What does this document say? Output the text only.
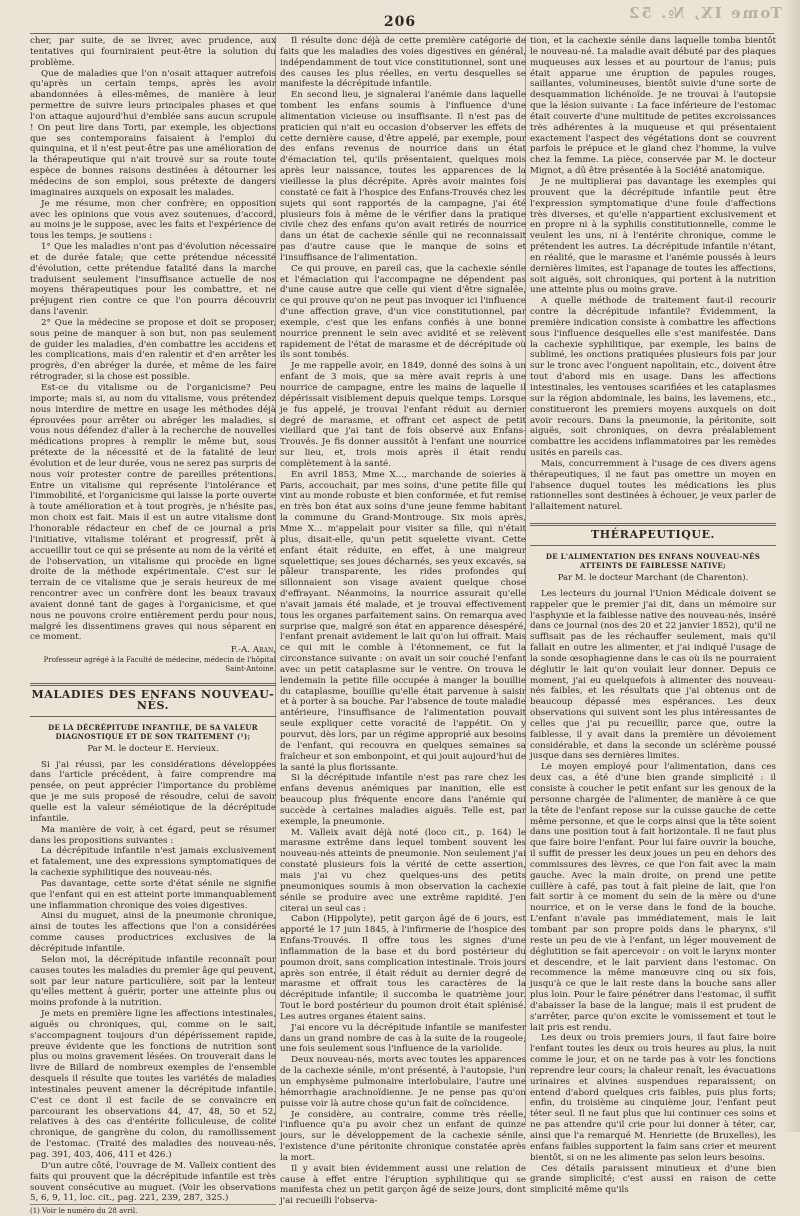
Tome IX, №. 52
206

cher, par suite, de se livrer, avec prudence, aux tentatives qui fourniraient peut-être la solution du problème.

Que de maladies que l'on n'osait attaquer autrefois qu'après un certain temps, après les avoir abandonnées à elles-mêmes, de manière à leur permettre de suivre leurs principales phases et que l'on attaque aujourd'hui d'emblée sans aucun scrupule ! On peut lire dans Torti, par exemple, les objections que ses contemporains faisaient à l'emploi du quinquina, et il n'est peut-être pas une amélioration de la thérapeutique qui n'ait trouvé sur sa route toute espèce de bonnes raisons destinées à détourner les médecins de son emploi, sous prétexte de dangers imaginaires auxquels on exposait les malades.

Je me résume, mon cher confrère; en opposition avec les opinions que vous avez soutenues, d'accord, au moins je le suppose, avec les faits et l'expérience de tous les temps, je soutiens :

1° Que les maladies n'ont pas d'évolution nécessaire et de durée fatale; que cette prétendue nécessité d'évolution, cette prétendue fatalité dans la marche traduisent seulement l'insuffisance actuelle de nos moyens thérapeutiques pour les combattre, et ne préjugent rien contre ce que l'on pourra découvrir dans l'avenir.

2° Que la médecine se propose et doit se proposer, sous peine de manquer à son but, non pas seulement de guider les maladies, d'en combattre les accidens et les complications, mais d'en ralentir et d'en arrêter les progrès, d'en abréger la durée, et même de les faire rétrograder, si la chose est possible.

Est-ce du vitalisme ou de l'organicisme? Peu importe; mais si, au nom du vitalisme, vous prétendez nous interdire de mettre en usage les méthodes déjà éprouvées pour arrêter ou abréger les maladies, si vous nous défendez d'aller à la recherche de nouvelles médications propres à remplir le même but, sous prétexte de la nécessité et de la fatalité de leur évolution et de leur durée, vous ne serez pas surpris de nous voir protester contre de pareilles prétentions. Entre un vitalisme qui représente l'intolérance et l'immobilité, et l'organicisme qui laisse la porte ouverte à toute amélioration et à tout progrès, je n'hésite pas, mon choix est fait. Mais il est un autre vitalisme dont l'honorable rédacteur en chef de ce journal a pris l'initiative, vitalisme tolérant et progressif, prêt à accueillir tout ce qui se présente au nom de la vérité et de l'observation, un vitalisme qui procède en ligne droite de la méthode expérimentale. C'est sur le terrain de ce vitalisme que je serais heureux de me rencontrer avec un confrère dont les beaux travaux avaient donné tant de gages à l'organicisme, et que nous ne pouvons croire entièrement perdu pour nous, malgré les dissentimens graves qui nous séparent en ce moment.

F.-A. Aran,

Professeur agrégé à la Faculté de médecine, médecin de l'hôpital Saint-Antoine.

MALADIES DES ENFANS NOUVEAU-NÉS.
DE LA DÉCRÉPITUDE INFANTILE, DE SA VALEUR DIAGNOSTIQUE ET DE SON TRAITEMENT (¹);
Par M. le docteur E. Hervieux.

Si j'ai réussi, par les considérations développées dans l'article précédent, à faire comprendre ma pensée, on peut apprécier l'importance du problème que je me suis proposé de résoudre, celui de savoir quelle est la valeur séméiotique de la décrépitude infantile.

Ma manière de voir, à cet égard, peut se résumer dans les propositions suivantes :

La décrépitude infantile n'est jamais exclusivement et fatalement, une des expressions symptomatiques de la cachexie syphilitique des nouveau-nés.

Pas davantage, cette sorte d'état sénile ne signifie que l'enfant qui en est atteint porte immanquablement une inflammation chronique des voies digestives.

Ainsi du muguet, ainsi de la pneumonie chronique, ainsi de toutes les affections que l'on a considérées comme causes productrices exclusives de la décrépitude infantile.

Selon moi, la décrépitude infantile reconnaît pour causes toutes les maladies du premier âge qui peuvent, soit par leur nature particulière, soit par la lenteur qu'elles mettent à guérir, porter une atteinte plus ou moins profonde à la nutrition.

Je mets en première ligne les affections intestinales, aiguës ou chroniques, qui, comme on le sait, s'accompagnent toujours d'un dépérissement rapide, preuve évidente que les fonctions de nutrition sont plus ou moins gravement lésées. On trouverait dans le livre de Billard de nombreux exemples de l'ensemble desquels il résulte que toutes les variétés de maladies intestinales peuvent amener la décrépitude infantile. C'est ce dont il est facile de se convaincre en parcourant les observations 44, 47, 48, 50 et 52, relatives à des cas d'entérite folliculeuse, de colite chronique, de gangrène du colon, du ramollissement de l'estomac. (Traité des maladies des nouveau-nés, pag. 391, 403, 406, 411 et 426.)

D'un autre côté, l'ouvrage de M. Valleix contient des faits qui prouvent que la décrépitude infantile est très souvent consécutive au muguet. (Voir les observations 5, 6, 9, 11, loc. cit., pag. 221, 239, 287, 325.)

(1) Voir le numéro du 28 avril.

Il résulte donc déjà de cette première catégorie de faits que les maladies des voies digestives en général, indépendamment de tout vice constitutionnel, sont une des causes les plus réelles, en vertu desquelles se manifeste la décrépitude infantile.

En second lieu, je signalerai l'anémie dans laquelle tombent les enfans soumis à l'influence d'une alimentation vicieuse ou insuffisante. Il n'est pas de praticien qui n'ait eu occasion d'observer les effets de cette dernière cause, d'être appelé, par exemple, pour des enfans revenus de nourrice dans un état d'émaciation tel, qu'ils présentaient, quelques mois après leur naissance, toutes les apparences de la vieillesse la plus décrépite. Après avoir maintes fois constaté ce fait à l'hospice des Enfans-Trouvés chez les sujets qui sont rapportés de la campagne, j'ai été plusieurs fois à même de le vérifier dans la pratique civile chez des enfans qu'on avait retirés de nourrice dans un état de cachexie sénile qui ne reconnaissait pas d'autre cause que le manque de soins et l'insuffisance de l'alimentation.

Ce qui prouve, en pareil cas, que la cachexie sénile et l'émaciation qui l'accompagne ne dépendent pas d'une cause autre que celle qui vient d'être signalée, ce qui prouve qu'on ne peut pas invoquer ici l'influence d'une affection grave, d'un vice constitutionnel, par exemple, c'est que les enfans confiés à une bonne nourrice prennent le sein avec avidité et se relèvent rapidement de l'état de marasme et de décrépitude où ils sont tombés.

Je me rappelle avoir, en 1849, donné des soins à un enfant de 3 mois, que sa mère avait repris à une nourrice de campagne, entre les mains de laquelle il dépérissait visiblement depuis quelque temps. Lorsque je fus appelé, je trouvai l'enfant réduit au dernier degré de marasme, et offrant cet aspect de petit vieillard que j'ai tant de fois observé aux Enfans-Trouvés. Je fis donner aussitôt à l'enfant une nourrice sur lieu, et, trois mois après il était rendu complètement à la santé.

En avril 1853, Mme X..., marchande de soieries à Paris, accouchait, par mes soins, d'une petite fille qui vint au monde robuste et bien conformée, et fut remise en très bon état aux soins d'une jeune femme habitant la commune du Grand-Montrouge. Six mois après, Mme X... m'appelait pour visiter sa fille, qui n'était plus, disait-elle, qu'un petit squelette vivant. Cette enfant était réduite, en effet, à une maigreur squelettique; ses joues décharnés, ses yeux excavés, sa pâleur transparente, les rides profondes qui sillonnaient son visage avaient quelque chose d'effrayant. Néanmoins, la nourrice assurait qu'elle n'avait jamais été malade, et je trouvai effectivement tous les organes parfaitement sains. On remarqua avec surprise que, malgré son état en apparence désespéré, l'enfant prenait avidement le lait qu'on lui offrait. Mais ce qui mit le comble à l'étonnement, ce fut la circonstance suivante : on avait un soir couché l'enfant avec un petit cataplasme sur le ventre. On trouva le lendemain la petite fille occupée à manger la bouillie du cataplasme, bouillie qu'elle était parvenue à saisir et à porter à sa bouche. Par l'absence de toute maladie antérieure, l'insuffisance de l'alimentation pouvait seule expliquer cette voracité de l'appétit. On y pourvut, dès lors, par un régime approprié aux besoins de l'enfant, qui recouvra en quelques semaines sa fraîcheur et son embonpoint, et qui jouit aujourd'hui de la santé la plus florissante.

Si la décrépitude infantile n'est pas rare chez les enfans devenus anémiques par inanition, elle est beaucoup plus fréquente encore dans l'anémie qui succède à certaines maladies aiguës. Telle est, par exemple, la pneumonie.

M. Valleix avait déjà noté (loco cit., p. 164) le marasme extrême dans lequel tombent souvent les nouveau-nés atteints de pneumonie. Non seulement j'ai constaté plusieurs fois la vérité de cette assertion, mais j'ai vu chez quelques-uns des petits pneumoniques soumis à mon observation la cachexie sénile se produire avec une extrême rapidité. J'en citerai un seul cas :

Cabon (Hippolyte), petit garçon âgé de 6 jours, est apporté le 17 juin 1845, à l'infirmerie de l'hospice des Enfans-Trouvés. Il offre tous les signes d'une inflammation de la base et du bord postérieur du poumon droit, sans complication intestinale. Trois jours après son entrée, il était réduit au dernier degré de marasme et offrait tous les caractères de la décrépitude infantile; il succomba le quatrième jour. Tout le bord postérieur du poumon droit était splénisé. Les autres organes étaient sains.

J'ai encore vu la décrépitude infantile se manifester dans un grand nombre de cas à la suite de la rougeole; une fois seulement sous l'influence de la variolide.

Deux nouveau-nés, morts avec toutes les apparences de la cachexie sénile, m'ont présenté, à l'autopsie, l'un un emphysème pulmonaire interlobulaire, l'autre une hémorrhagie arachnoïdienne. Je ne pense pas qu'on puisse voir là autre chose qu'un fait de coïncidence.

Je considère, au contraire, comme très réelle, l'influence qu'a pu avoir chez un enfant de quinze jours, sur le développement de la cachexie sénile, l'existence d'une péritonite chronique constatée après la mort.

Il y avait bien évidemment aussi une relation de cause à effet entre l'éruption syphilitique qui se manifesta chez un petit garçon âgé de seize jours, dont j'ai recueilli l'observa-

tion, et la cachexie sénile dans laquelle tomba bientôt le nouveau-né. La maladie avait débuté par des plaques muqueuses aux lesses et au pourtour de l'anus; puis était apparue une éruption de papules rouges, saillantes, volumineuses, bientôt suivie d'une sorte de desquammation lichénoïde. Je ne trouvai à l'autopsie que la lésion suivante : La face inférieure de l'estomac était couverte d'une multitude de petites excroissances très adhérentes à la muqueuse et qui présentaient exactement l'aspect des végétations dont se couvrent parfois le prépuce et le gland chez l'homme, la vulve chez la femme. La pièce, conservée par M. le docteur Mignot, a dû être présentée à la Société anatomique.

Je ne multiplierai pas davantage les exemples qui prouvent que la décrépitude infantile peut être l'expression symptomatique d'une foule d'affections très diverses, et qu'elle n'appartient exclusivement et en propre ni à la syphilis constitutionnelle, comme le veulent les uns, ni à l'entérite chronique, comme le prétendent les autres. La décrépitude infantile n'étant, en réalité, que le marasme et l'anémie poussés à leurs dernières limites, est l'apanage de toutes les affections, soit aiguës, soit chroniques, qui portent à la nutrition une atteinte plus ou moins grave.

A quelle méthode de traitement faut-il recourir contre la décrépitude infantile? Évidemment, la première indication consiste à combattre les affections sous l'influence desquelles elle s'est manifestée. Dans la cachexie syphilitique, par exemple, les bains de sublimé, les onctions pratiquées plusieurs fois par jour sur le tronc avec l'onguent napolitain, etc., doivent être tout d'abord mis en usage. Dans les affections intestinales, les ventouses scarifiées et les cataplasmes sur la région abdominale, les bains, les lavemens, etc., constitueront les premiers moyens auxquels on doit avoir recours. Dans la pneumonie, la péritonite, soit aiguës, soit chroniques, on devra préalablement combattre les accidens inflammatoires par les remèdes usités en pareils cas.

Mais, concurremment à l'usage de ces divers agens thérapeutiques, il ne faut pas omettre un moyen en l'absence duquel toutes les médications les plus rationnelles sont destinées à échouer, je veux parler de l'allaitement naturel.

THÉRAPEUTIQUE.
DE L'ALIMENTATION DES ENFANS NOUVEAU-NÉS ATTEINTS DE FAIBLESSE NATIVE;
Par M. le docteur Marchant (de Charenton).

Les lecteurs du journal l'Union Médicale doivent se rappeler que le premier j'ai dit, dans un mémoire sur l'asphyxie et la faiblesse native des nouveau-nés, inséré dans ce journal (nos des 20 et 22 janvier 1852), qu'il ne suffisait pas de les réchauffer seulement, mais qu'il fallait en outre les alimenter, et j'ai indiqué l'usage de la sonde œsophagienne dans le cas où ils ne pourraient déglutir le lait qu'on voulait leur donner. Depuis ce moment, j'ai eu quelquefois à alimenter des nouveau-nés faibles, et les résultats que j'ai obtenus ont de beaucoup dépassé mes espérances. Les deux observations qui suivent sont les plus intéressantes de celles que j'ai pu recueillir, parce que, outre la faiblesse, il y avait dans la première un dévoiement considérable, et dans la seconde un sclérème poussé jusque dans ses dernières limites.

Le moyen employé pour l'alimentation, dans ces deux cas, a été d'une bien grande simplicité : il consiste à coucher le petit enfant sur les genoux de la personne chargée de l'alimenter, de manière à ce que la tête de l'enfant repose sur la cuisse gauche de cette même personne, et que le corps ainsi que la tête soient dans une position tout à fait horizontale. Il ne faut plus que faire boire l'enfant. Pour lui faire ouvrir la bouche, il suffit de presser les deux joues un peu en dehors des commissures des lèvres, ce que l'on fait avec la main gauche. Avec la main droite, on prend une petite cuillère à café, pas tout à fait pleine de lait, que l'on fait sortir à ce moment du sein de la mère ou d'une nourrice, et on le verse dans le fond de la bouche. L'enfant n'avale pas immédiatement, mais le lait tombant par son propre poids dans le pharynx, s'il reste un peu de vie à l'enfant, un léger mouvement de déglutition se fait apercevoir : on voit le larynx monter et descendre, et le lait parvient dans l'estomac. On recommence la même manœuvre cinq ou six fois, jusqu'à ce que le lait reste dans la bouche sans aller plus loin. Pour le faire pénétrer dans l'estomac, il suffit d'abaisser la base de la langue; mais il est prudent de s'arrêter, parce qu'on excite le vomissement et tout le lait pris est rendu.

Les deux ou trois premiers jours, il faut faire boire l'enfant toutes les deux ou trois heures au plus, la nuit comme le jour, et on ne tarde pas à voir les fonctions reprendre leur cours; la chaleur renaît, les évacuations urinaires et alvines suspendues reparaissent; on entend d'abord quelques cris faibles, puis plus forts; enfin, du troisième au cinquième jour, l'enfant peut téter seul. Il ne faut plus que lui continuer ces soins et ne pas attendre qu'il crie pour lui donner à téter, car, ainsi que l'a remarqué M. Henriette (de Bruxelles), les enfans faibles supportent la faim sans crier et meurent bientôt, si on ne les alimente pas selon leurs besoins.

Ces détails paraissent minutieux et d'une bien grande simplicité; c'est aussi en raison de cette simplicité même qu'ils
